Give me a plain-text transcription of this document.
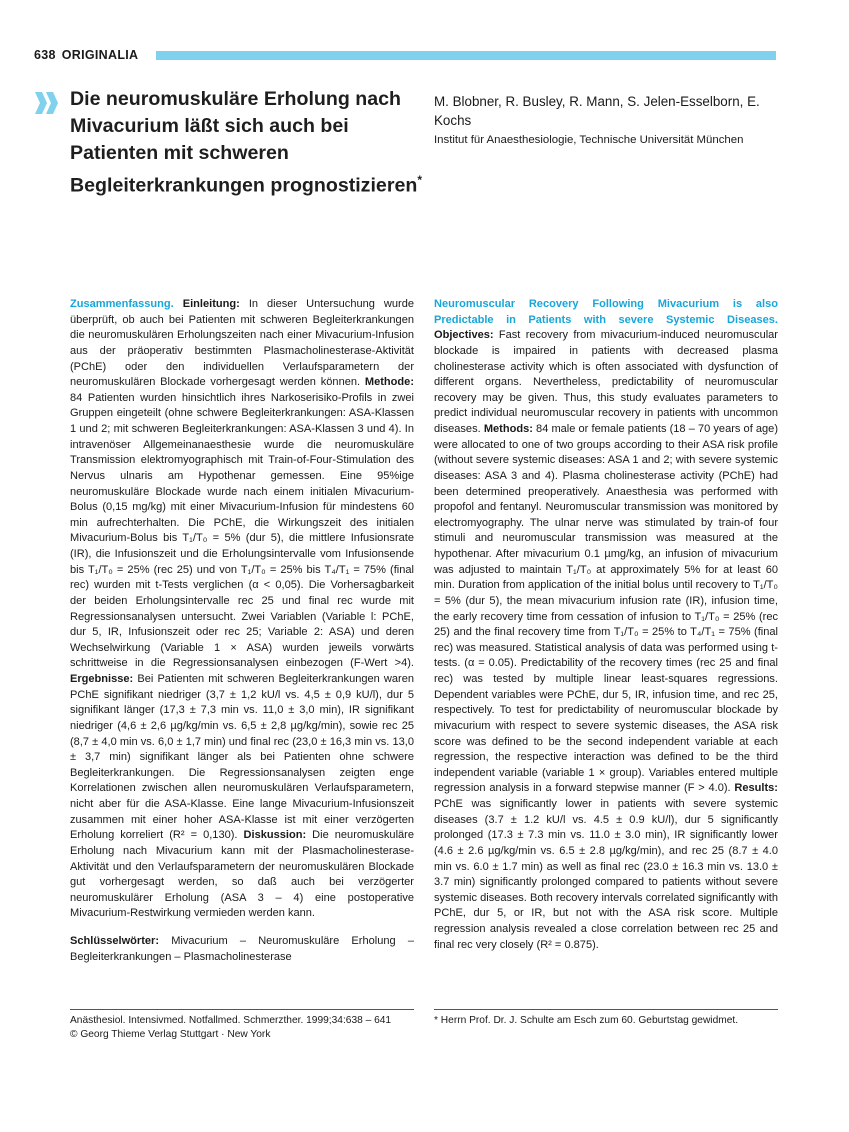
638 ORIGINALIA
Die neuromuskuläre Erholung nach Mivacurium läßt sich auch bei Patienten mit schweren Begleiterkrankungen prognostizieren*
M. Blobner, R. Busley, R. Mann, S. Jelen-Esselborn, E. Kochs
Institut für Anaesthesiologie, Technische Universität München

Zusammenfassung. Einleitung: In dieser Untersuchung wurde überprüft, ob auch bei Patienten mit schweren Begleiterkrankungen die neuromuskulären Erholungszeiten nach einer Mivacurium-Infusion aus der präoperativ bestimmten Plasmacholinesterase-Aktivität (PChE) oder den individuellen Verlaufsparametern der neuromuskulären Blockade vorhergesagt werden können. Methode: 84 Patienten wurden hinsichtlich ihres Narkoserisiko-Profils in zwei Gruppen eingeteilt (ohne schwere Begleiterkrankungen: ASA-Klassen 1 und 2; mit schweren Begleiterkrankungen: ASA-Klassen 3 und 4). In intravenöser Allgemeinanaesthesie wurde die neuromuskuläre Transmission elektromyographisch mit Train-of-Four-Stimulation des Nervus ulnaris am Hypothenar gemessen. Eine 95%ige neuromuskuläre Blockade wurde nach einem initialen Mivacurium-Bolus (0,15 mg/kg) mit einer Mivacurium-Infusion für mindestens 60 min aufrechterhalten. Die PChE, die Wirkungszeit des initialen Mivacurium-Bolus bis T₁/T₀ = 5% (dur 5), die mittlere Infusionsrate (IR), die Infusionszeit und die Erholungsintervalle vom Infusionsende bis T₁/T₀ = 25% (rec 25) und von T₁/T₀ = 25% bis T₄/T₁ = 75% (final rec) wurden mit t-Tests verglichen (α < 0,05). Die Vorhersagbarkeit der beiden Erholungsintervalle rec 25 und final rec wurde mit Regressionsanalysen untersucht. Zwei Variablen (Variable l: PChE, dur 5, IR, Infusionszeit oder rec 25; Variable 2: ASA) und deren Wechselwirkung (Variable 1 × ASA) wurden jeweils vorwärts schrittweise in die Regressionsanalysen einbezogen (F-Wert >4). Ergebnisse: Bei Patienten mit schweren Begleiterkrankungen waren PChE signifikant niedriger (3,7 ± 1,2 kU/l vs. 4,5 ± 0,9 kU/l), dur 5 signifikant länger (17,3 ± 7,3 min vs. 11,0 ± 3,0 min), IR signifikant niedriger (4,6 ± 2,6 µg/kg/min vs. 6,5 ± 2,8 µg/kg/min), sowie rec 25 (8,7 ± 4,0 min vs. 6,0 ± 1,7 min) und final rec (23,0 ± 16,3 min vs. 13,0 ± 3,7 min) signifikant länger als bei Patienten ohne schwere Begleiterkrankungen. Die Regressionsanalysen zeigten enge Korrelationen zwischen allen neuromuskulären Verlaufsparametern, nicht aber für die ASA-Klasse. Eine lange Mivacurium-Infusionszeit zusammen mit einer hoher ASA-Klasse ist mit einer verzögerten Erholung korreliert (R² = 0,130). Diskussion: Die neuromuskuläre Erholung nach Mivacurium kann mit der Plasmacholinesterase-Aktivität und den Verlaufsparametern der neuromuskulären Blockade gut vorhergesagt werden, so daß auch bei verzögerter neuromuskulärer Erholung (ASA 3 – 4) eine postoperative Mivacurium-Restwirkung vermieden werden kann.

Schlüsselwörter: Mivacurium – Neuromuskuläre Erholung – Begleiterkrankungen – Plasmacholinesterase

Neuromuscular Recovery Following Mivacurium is also Predictable in Patients with severe Systemic Diseases. Objectives: Fast recovery from mivacurium-induced neuromuscular blockade is impaired in patients with decreased plasma cholinesterase activity which is often associated with dysfunction of different organs. Nevertheless, predictability of neuromuscular recovery may be given. Thus, this study evaluates parameters to predict individual neuromuscular recovery in patients with uncommon diseases. Methods: 84 male or female patients (18 – 70 years of age) were allocated to one of two groups according to their ASA risk profile (without severe systemic diseases: ASA 1 and 2; with severe systemic diseases: ASA 3 and 4). Plasma cholinesterase activity (PChE) had been determined preoperatively. Anaesthesia was performed with propofol and fentanyl. Neuromuscular transmission was monitored by electromyography. The ulnar nerve was stimulated by train-of four stimuli and neuromuscular transmission was measured at the hypothenar. After mivacurium 0.1 µmg/kg, an infusion of mivacurium was adjusted to maintain T₁/T₀ at approximately 5% for at least 60 min. Duration from application of the initial bolus until recovery to T₁/T₀ = 5% (dur 5), the mean mivacurium infusion rate (IR), infusion time, the early recovery time from cessation of infusion to T₁/T₀ = 25% (rec 25) and the final recovery time from T₁/T₀ = 25% to T₄/T₁ = 75% (final rec) was measured. Statistical analysis of data was performed using t-tests. (α = 0.05). Predictability of the recovery times (rec 25 and final rec) was tested by multiple linear least-squares regressions. Dependent variables were PChE, dur 5, IR, infusion time, and rec 25, respectively. To test for predictability of neuromuscular blockade by mivacurium with respect to severe systemic diseases, the ASA risk score was defined to be the second independent variable at each regression, the respective interaction was defined to be the third independent variable (variable 1 × group). Variables entered multiple regression analysis in a forward stepwise manner (F > 4.0). Results: PChE was significantly lower in patients with severe systemic diseases (3.7 ± 1.2 kU/l vs. 4.5 ± 0.9 kU/l), dur 5 significantly prolonged (17.3 ± 7.3 min vs. 11.0 ± 3.0 min), IR significantly lower (4.6 ± 2.6 µg/kg/min vs. 6.5 ± 2.8 µg/kg/min), and rec 25 (8.7 ± 4.0 min vs. 6.0 ± 1.7 min) as well as final rec (23.0 ± 16.3 min vs. 13.0 ± 3.7 min) significantly prolonged compared to patients without severe systemic diseases. Both recovery intervals correlated significantly with PChE, dur 5, or IR, but not with the ASA risk score. Multiple regression analysis revealed a close correlation between rec 25 and final rec very closely (R² = 0.875).

Anästhesiol. Intensivmed. Notfallmed. Schmerzther. 1999;34:638 – 641
© Georg Thieme Verlag Stuttgart · New York
* Herrn Prof. Dr. J. Schulte am Esch zum 60. Geburtstag gewidmet.
